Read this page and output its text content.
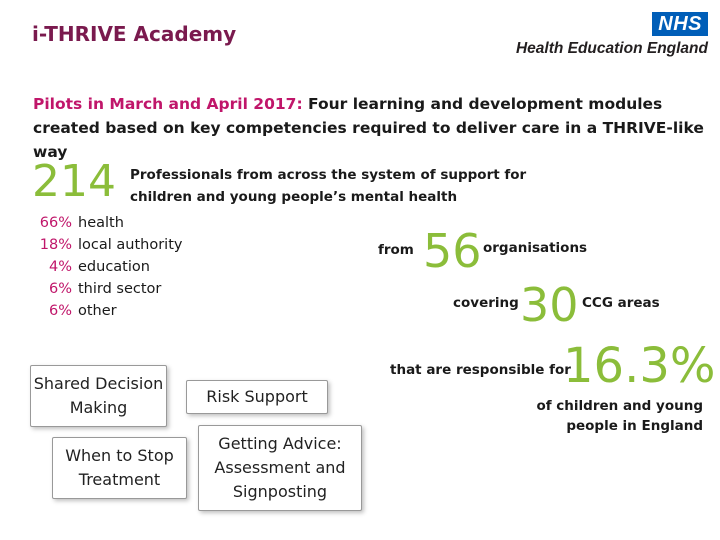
i-THRIVE Academy	NHS
Health Education England
Pilots in March and April 2017: Four learning and development modules created based on key competencies required to deliver care in a THRIVE-like way
214 Professionals from across the system of support for children and young people’s mental health
66% health
18% local authority
4% education
6% third sector
6% other
from 56 organisations
covering 30 CCG areas
that are responsible for
16.3%
of children and young people in England
Shared Decision Making
Risk Support
When to Stop Treatment
Getting Advice: Assessment and Signposting
